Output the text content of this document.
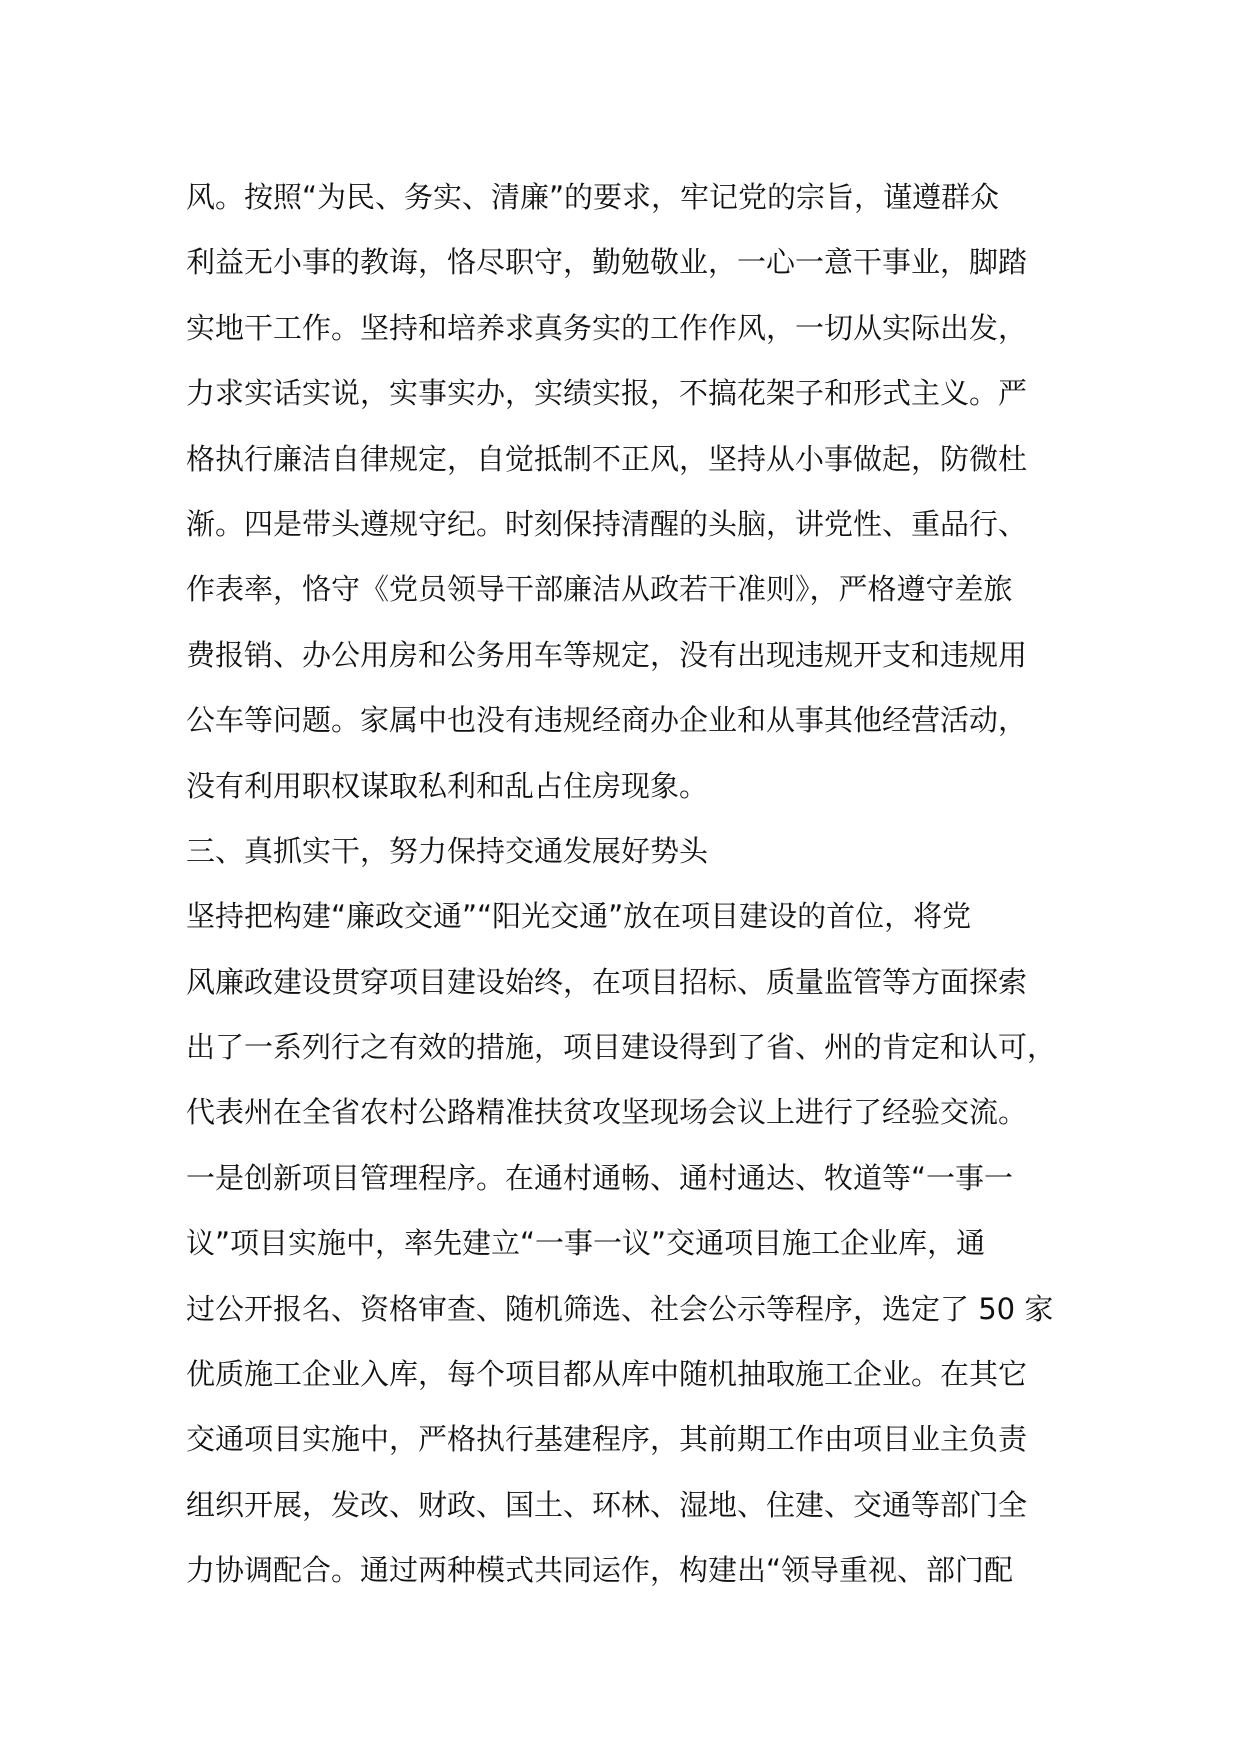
风。按照“为民、务实、清廉”的要求，牢记党的宗旨，谨遵群众
利益无小事的教诲，恪尽职守，勤勉敬业，一心一意干事业，脚踏
实地干工作。坚持和培养求真务实的工作作风，一切从实际出发，
力求实话实说，实事实办，实绩实报，不搞花架子和形式主义。严
格执行廉洁自律规定，自觉抵制不正风，坚持从小事做起，防微杜
渐。四是带头遵规守纪。时刻保持清醒的头脑，讲党性、重品行、
作表率，恪守《党员领导干部廉洁从政若干准则》，严格遵守差旅
费报销、办公用房和公务用车等规定，没有出现违规开支和违规用
公车等问题。家属中也没有违规经商办企业和从事其他经营活动，
没有利用职权谋取私利和乱占住房现象。
三、真抓实干，努力保持交通发展好势头
坚持把构建“廉政交通”“阳光交通”放在项目建设的首位，将党
风廉政建设贯穿项目建设始终，在项目招标、质量监管等方面探索
出了一系列行之有效的措施，项目建设得到了省、州的肯定和认可，
代表州在全省农村公路精准扶贫攻坚现场会议上进行了经验交流。
一是创新项目管理程序。在通村通畅、通村通达、牧道等“一事一
议”项目实施中，率先建立“一事一议”交通项目施工企业库，通
过公开报名、资格审查、随机筛选、社会公示等程序，选定了 50 家
优质施工企业入库，每个项目都从库中随机抽取施工企业。在其它
交通项目实施中，严格执行基建程序，其前期工作由项目业主负责
组织开展，发改、财政、国土、环林、湿地、住建、交通等部门全
力协调配合。通过两种模式共同运作，构建出“领导重视、部门配
